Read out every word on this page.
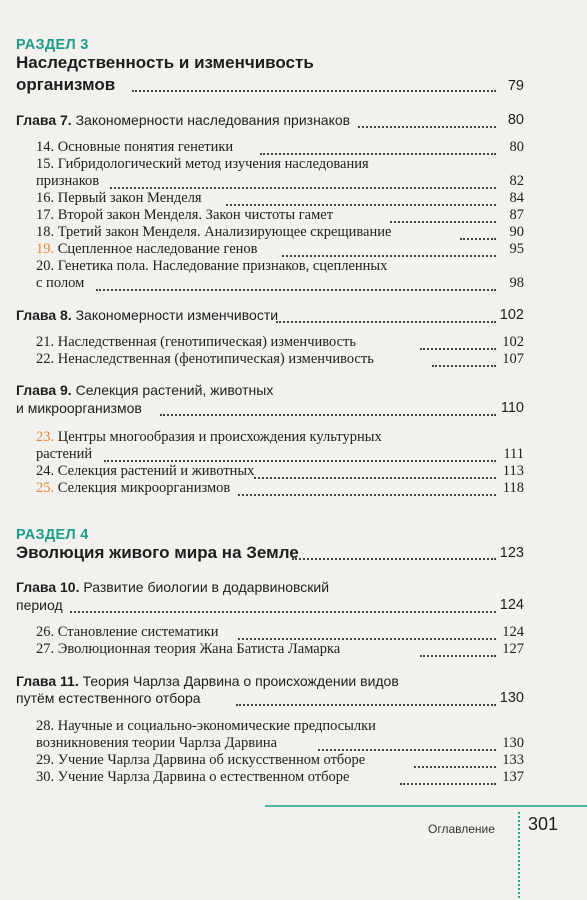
РАЗДЕЛ 3
Наследственность и изменчивость
организмов	79
Глава 7. Закономерности наследования признаков	80
14. Основные понятия генетики	80
15. Гибридологический метод изучения наследования
признаков	82
16. Первый закон Менделя	84
17. Второй закон Менделя. Закон чистоты гамет	87
18. Третий закон Менделя. Анализирующее скрещивание	90
19. Сцепленное наследование генов	95
20. Генетика пола. Наследование признаков, сцепленных
с полом	98
Глава 8. Закономерности изменчивости	102
21. Наследственная (генотипическая) изменчивость	102
22. Ненаследственная (фенотипическая) изменчивость	107
Глава 9. Селекция растений, животных
и микроорганизмов	110
23. Центры многообразия и происхождения культурных
растений	111
24. Селекция растений и животных	113
25. Селекция микроорганизмов	118
РАЗДЕЛ 4
Эволюция живого мира на Земле	123
Глава 10. Развитие биологии в додарвиновский
период	124
26. Становление систематики	124
27. Эволюционная теория Жана Батиста Ламарка	127
Глава 11. Теория Чарлза Дарвина о происхождении видов
путём естественного отбора	130
28. Научные и социально-экономические предпосылки
возникновения теории Чарлза Дарвина	130
29. Учение Чарлза Дарвина об искусственном отборе	133
30. Учение Чарлза Дарвина о естественном отборе	137
Оглавление 301
